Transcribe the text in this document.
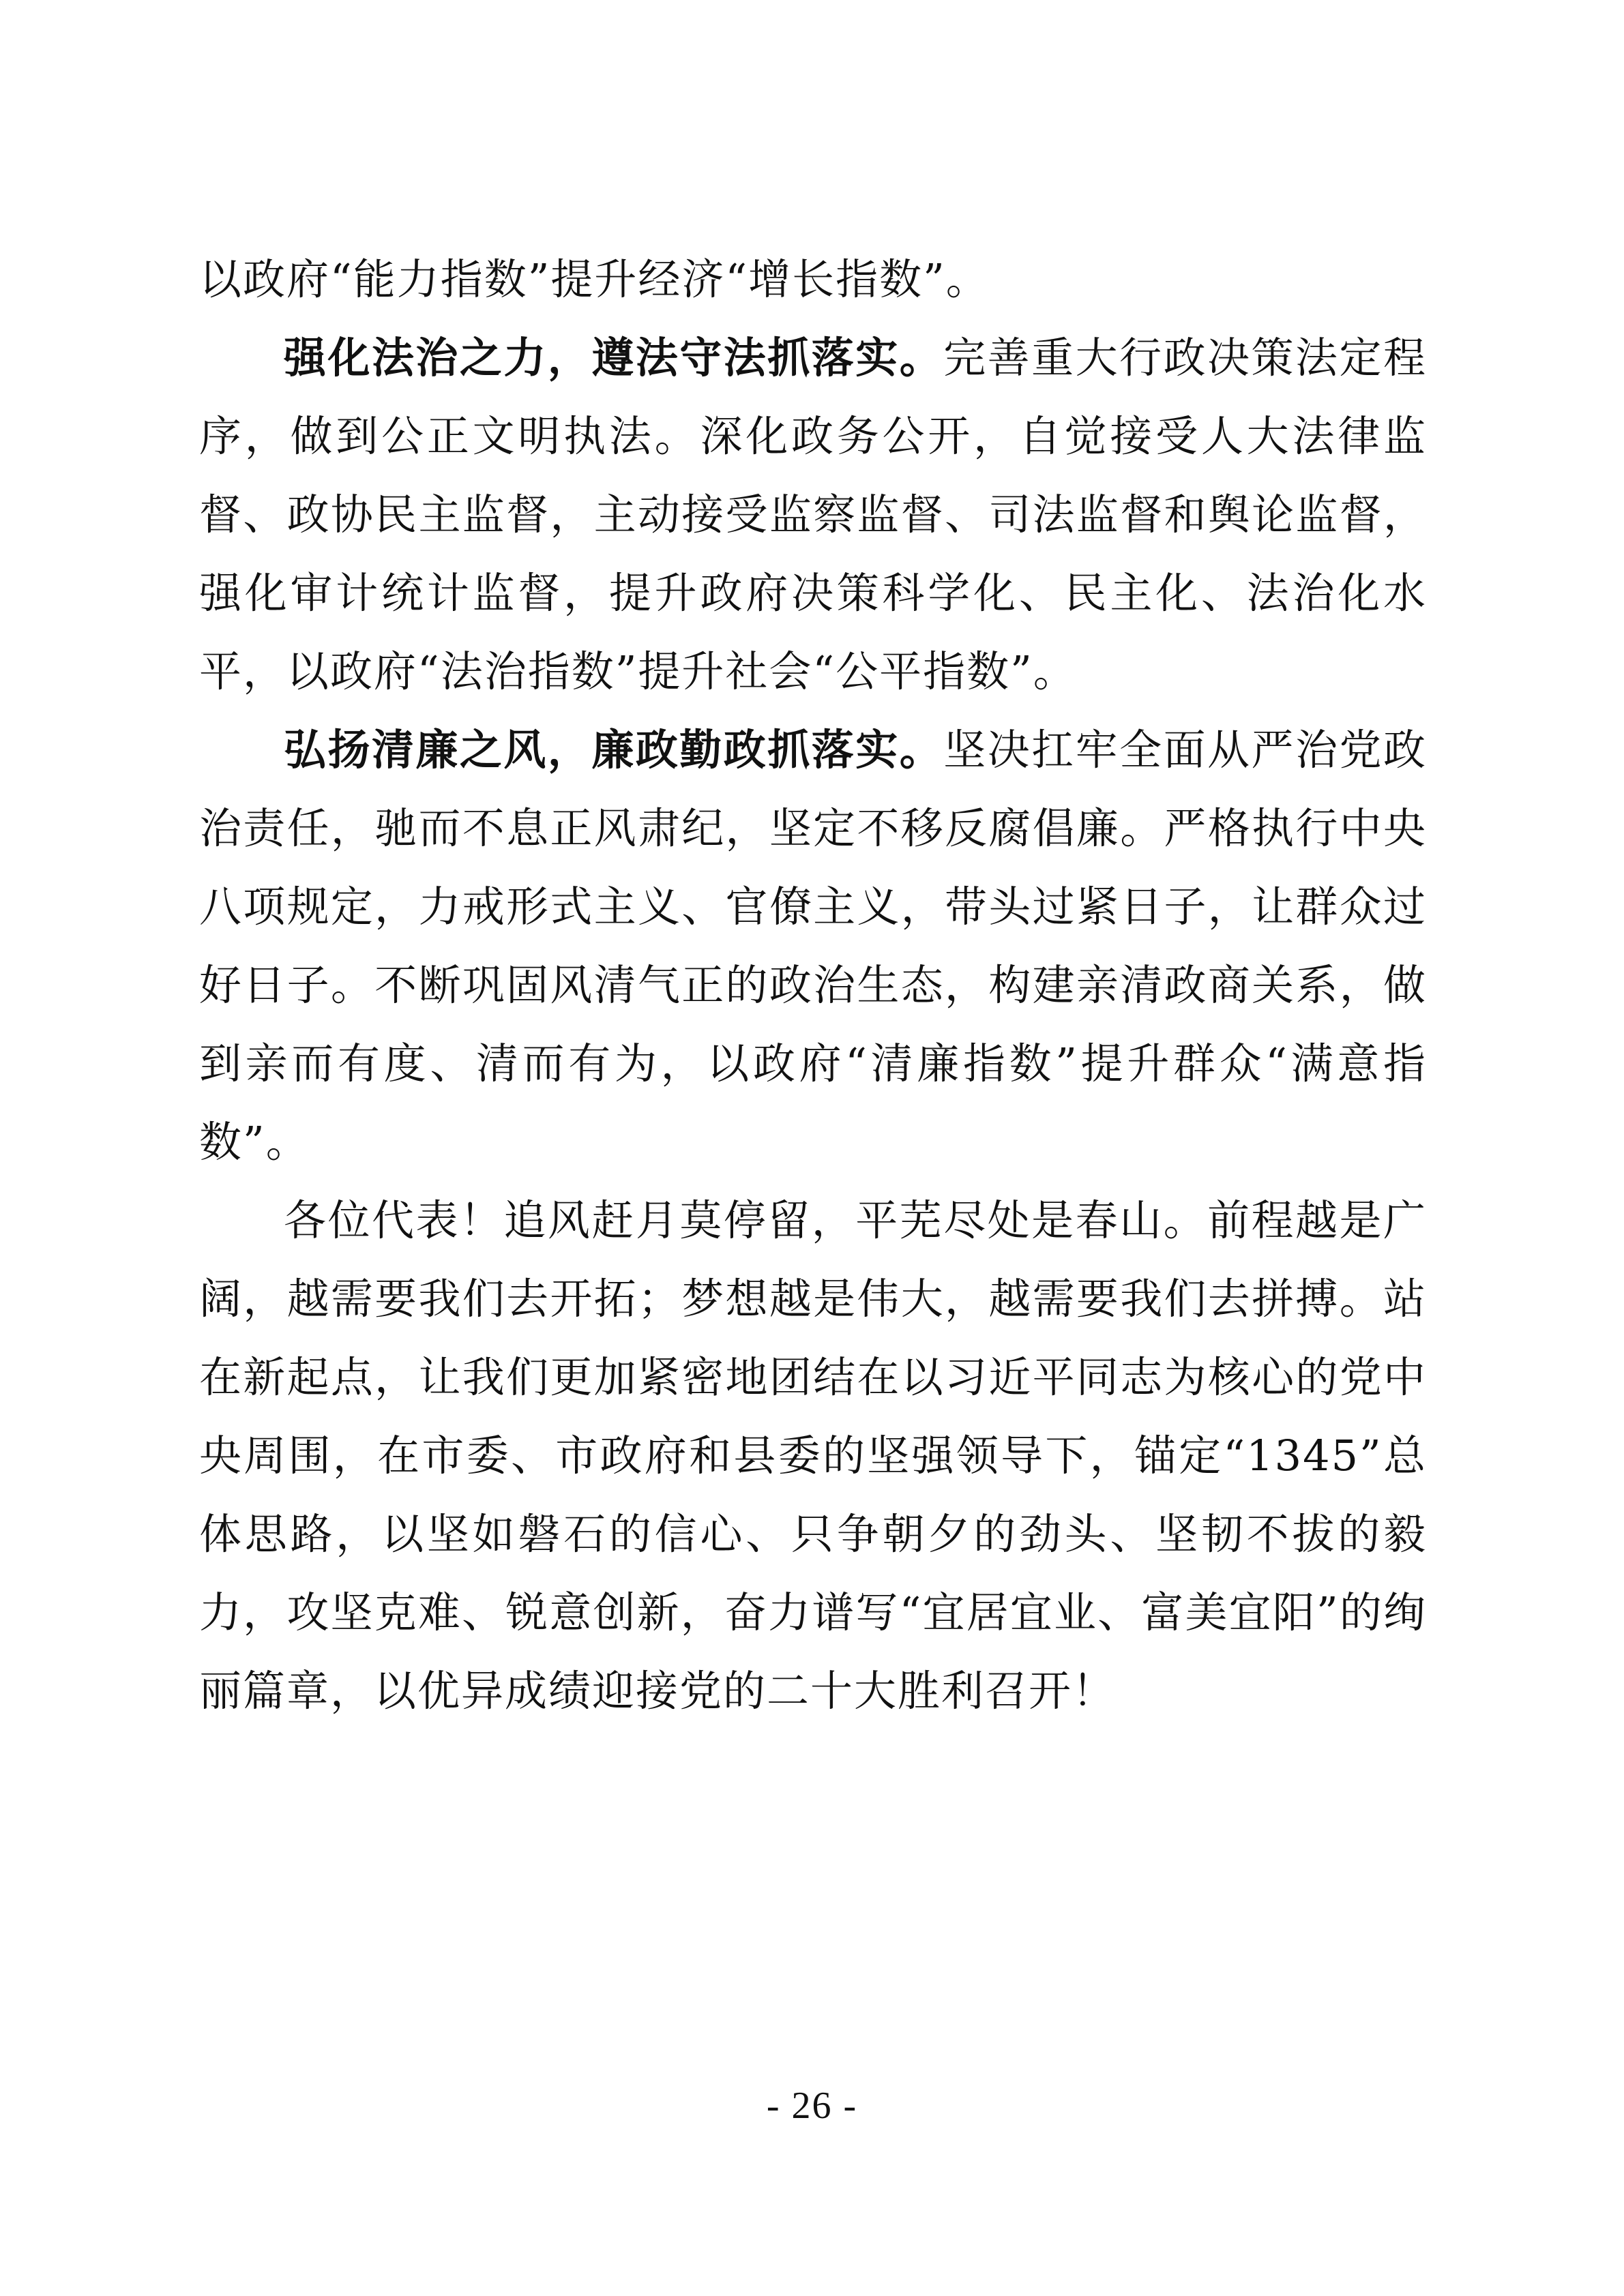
以政府“能力指数”提升经济“增长指数”。

强化法治之力，遵法守法抓落实。完善重大行政决策法定程序，做到公正文明执法。深化政务公开，自觉接受人大法律监督、政协民主监督，主动接受监察监督、司法监督和舆论监督，强化审计统计监督，提升政府决策科学化、民主化、法治化水平，以政府“法治指数”提升社会“公平指数”。

弘扬清廉之风，廉政勤政抓落实。坚决扛牢全面从严治党政治责任，驰而不息正风肃纪，坚定不移反腐倡廉。严格执行中央八项规定，力戒形式主义、官僚主义，带头过紧日子，让群众过好日子。不断巩固风清气正的政治生态，构建亲清政商关系，做到亲而有度、清而有为，以政府“清廉指数”提升群众“满意指数”。

各位代表！追风赶月莫停留，平芜尽处是春山。前程越是广阔，越需要我们去开拓；梦想越是伟大，越需要我们去拼搏。站在新起点，让我们更加紧密地团结在以习近平同志为核心的党中央周围，在市委、市政府和县委的坚强领导下，锚定“1345”总体思路，以坚如磐石的信心、只争朝夕的劲头、坚韧不拔的毅力，攻坚克难、锐意创新，奋力谱写“宜居宜业、富美宜阳”的绚丽篇章，以优异成绩迎接党的二十大胜利召开！

- 26 -
